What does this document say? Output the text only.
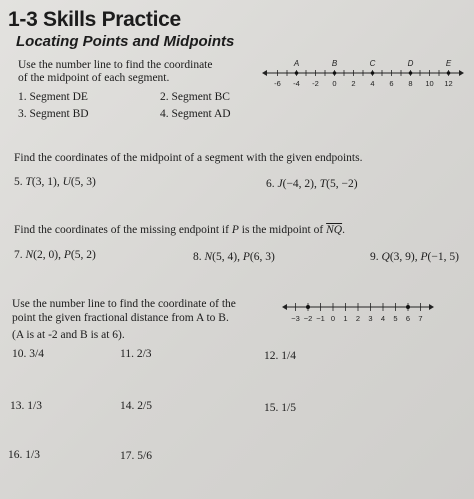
1-3 Skills Practice
Locating Points and Midpoints
Use the number line to find the coordinate
of the midpoint of each segment.
1. Segment DE	2. Segment BC
3. Segment BD	4. Segment AD
-6 -4 -2 0 2 4 6 8 10 12
A	B	C	D	E
Find the coordinates of the midpoint of a segment with the given endpoints.
5. T(3, 1), U(5, 3)	6. J(−4, 2), T(5, −2)
Find the coordinates of the missing endpoint if P is the midpoint of $\overline{NQ}$.
7. N(2, 0), P(5, 2)	8. N(5, 4), P(6, 3)	9. Q(3, 9), P(−1, 5)
Use the number line to find the coordinate of the
point the given fractional distance from A to B.
(A is at -2 and B is at 6).
−3 −2 −1 0 1 2 3 4 5 6 7
10. 3/4	11. 2/3	12. 1/4
13. 1/3	14. 2/5	15. 1/5
16. 1/3	17. 5/6
